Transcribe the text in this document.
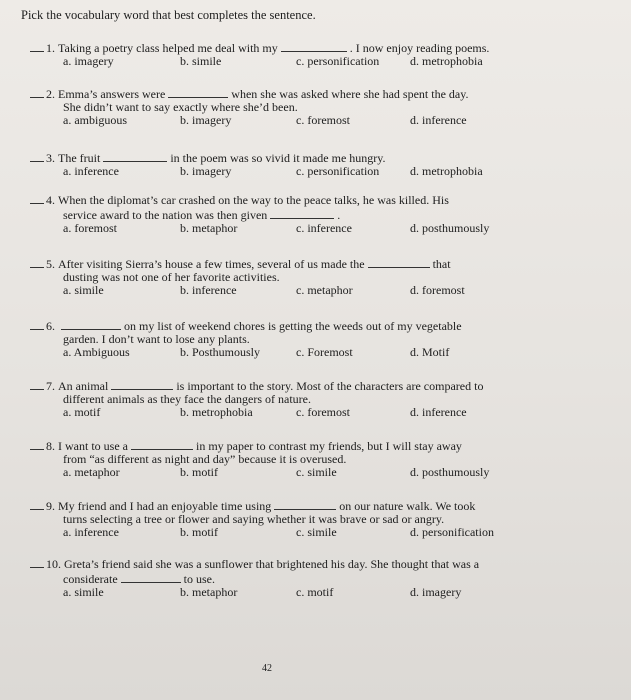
Pick the vocabulary word that best completes the sentence.
1. Taking a poetry class helped me deal with my	. I now enjoy reading poems.
a. imagery	b. simile	c. personification	d. metrophobia
2. Emma’s answers were	when she was asked where she had spent the day.
She didn’t want to say exactly where she’d been.
a. ambiguous	b. imagery	c. foremost	d. inference
3. The fruit	in the poem was so vivid it made me hungry.
a. inference	b. imagery	c. personification	d. metrophobia
4. When the diplomat’s car crashed on the way to the peace talks, he was killed. His
service award to the nation was then given	.
a. foremost	b. metaphor	c. inference	d. posthumously
5. After visiting Sierra’s house a few times, several of us made the	that
dusting was not one of her favorite activities.
a. simile	b. inference	c. metaphor	d. foremost
6.	on my list of weekend chores is getting the weeds out of my vegetable
garden. I don’t want to lose any plants.
a. Ambiguous	b. Posthumously	c. Foremost	d. Motif
7. An animal	is important to the story. Most of the characters are compared to
different animals as they face the dangers of nature.
a. motif	b. metrophobia	c. foremost	d. inference
8. I want to use a	in my paper to contrast my friends, but I will stay away
from “as different as night and day” because it is overused.
a. metaphor	b. motif	c. simile	d. posthumously
9. My friend and I had an enjoyable time using	on our nature walk. We took
turns selecting a tree or flower and saying whether it was brave or sad or angry.
a. inference	b. motif	c. simile	d. personification
10. Greta’s friend said she was a sunflower that brightened his day. She thought that was a
considerate	to use.
a. simile	b. metaphor	c. motif	d. imagery
42
